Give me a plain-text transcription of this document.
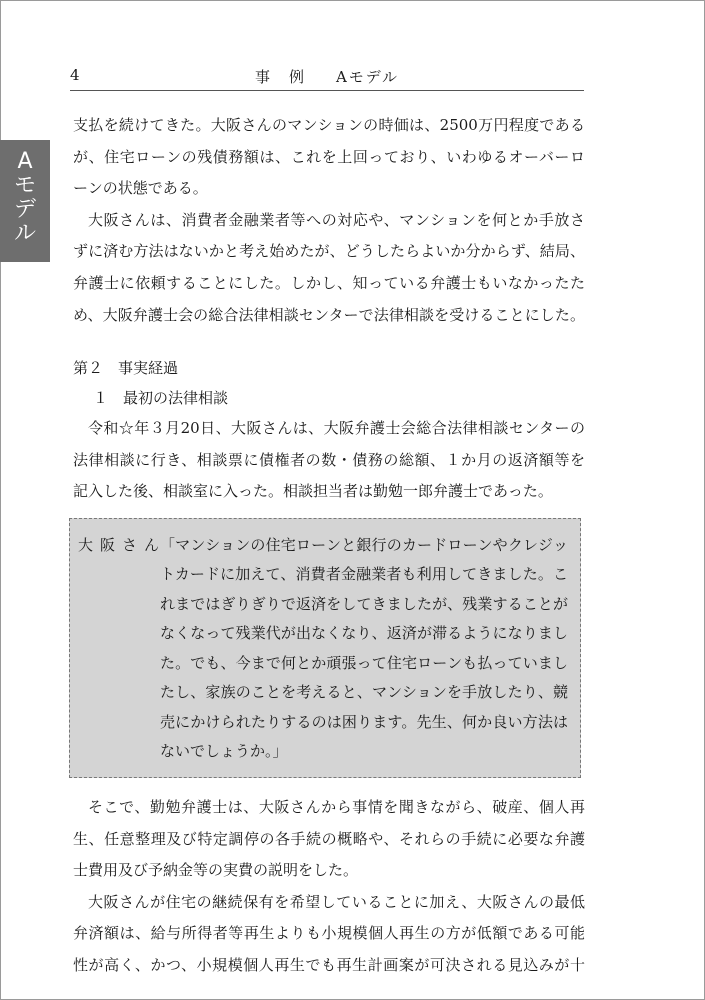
A
モ
デ
ル
4	事　例 Aモデル
支払を続けてきた。大阪さんのマンションの時価は、2500万円程度である
が、住宅ローンの残債務額は、これを上回っており、いわゆるオーバーロ
ーンの状態である。
大阪さんは、消費者金融業者等への対応や、マンションを何とか手放さ
ずに済む方法はないかと考え始めたが、どうしたらよいか分からず、結局、
弁護士に依頼することにした。しかし、知っている弁護士もいなかったた
め、大阪弁護士会の総合法律相談センターで法律相談を受けることにした。
第２　事実経過
１　最初の法律相談
令和☆年３月20日、大阪さんは、大阪弁護士会総合法律相談センターの
法律相談に行き、相談票に債権者の数・債務の総額、１か月の返済額等を
記入した後、相談室に入った。相談担当者は勤勉一郎弁護士であった。
大阪さん
「マンションの住宅ローンと銀行のカードローンやクレジッ
トカードに加えて、消費者金融業者も利用してきました。こ
れまではぎりぎりで返済をしてきましたが、残業することが
なくなって残業代が出なくなり、返済が滞るようになりまし
た。でも、今まで何とか頑張って住宅ローンも払っていまし
たし、家族のことを考えると、マンションを手放したり、競
売にかけられたりするのは困ります。先生、何か良い方法は
ないでしょうか。」
そこで、勤勉弁護士は、大阪さんから事情を聞きながら、破産、個人再
生、任意整理及び特定調停の各手続の概略や、それらの手続に必要な弁護
士費用及び予納金等の実費の説明をした。
大阪さんが住宅の継続保有を希望していることに加え、大阪さんの最低
弁済額は、給与所得者等再生よりも小規模個人再生の方が低額である可能
性が高く、かつ、小規模個人再生でも再生計画案が可決される見込みが十
